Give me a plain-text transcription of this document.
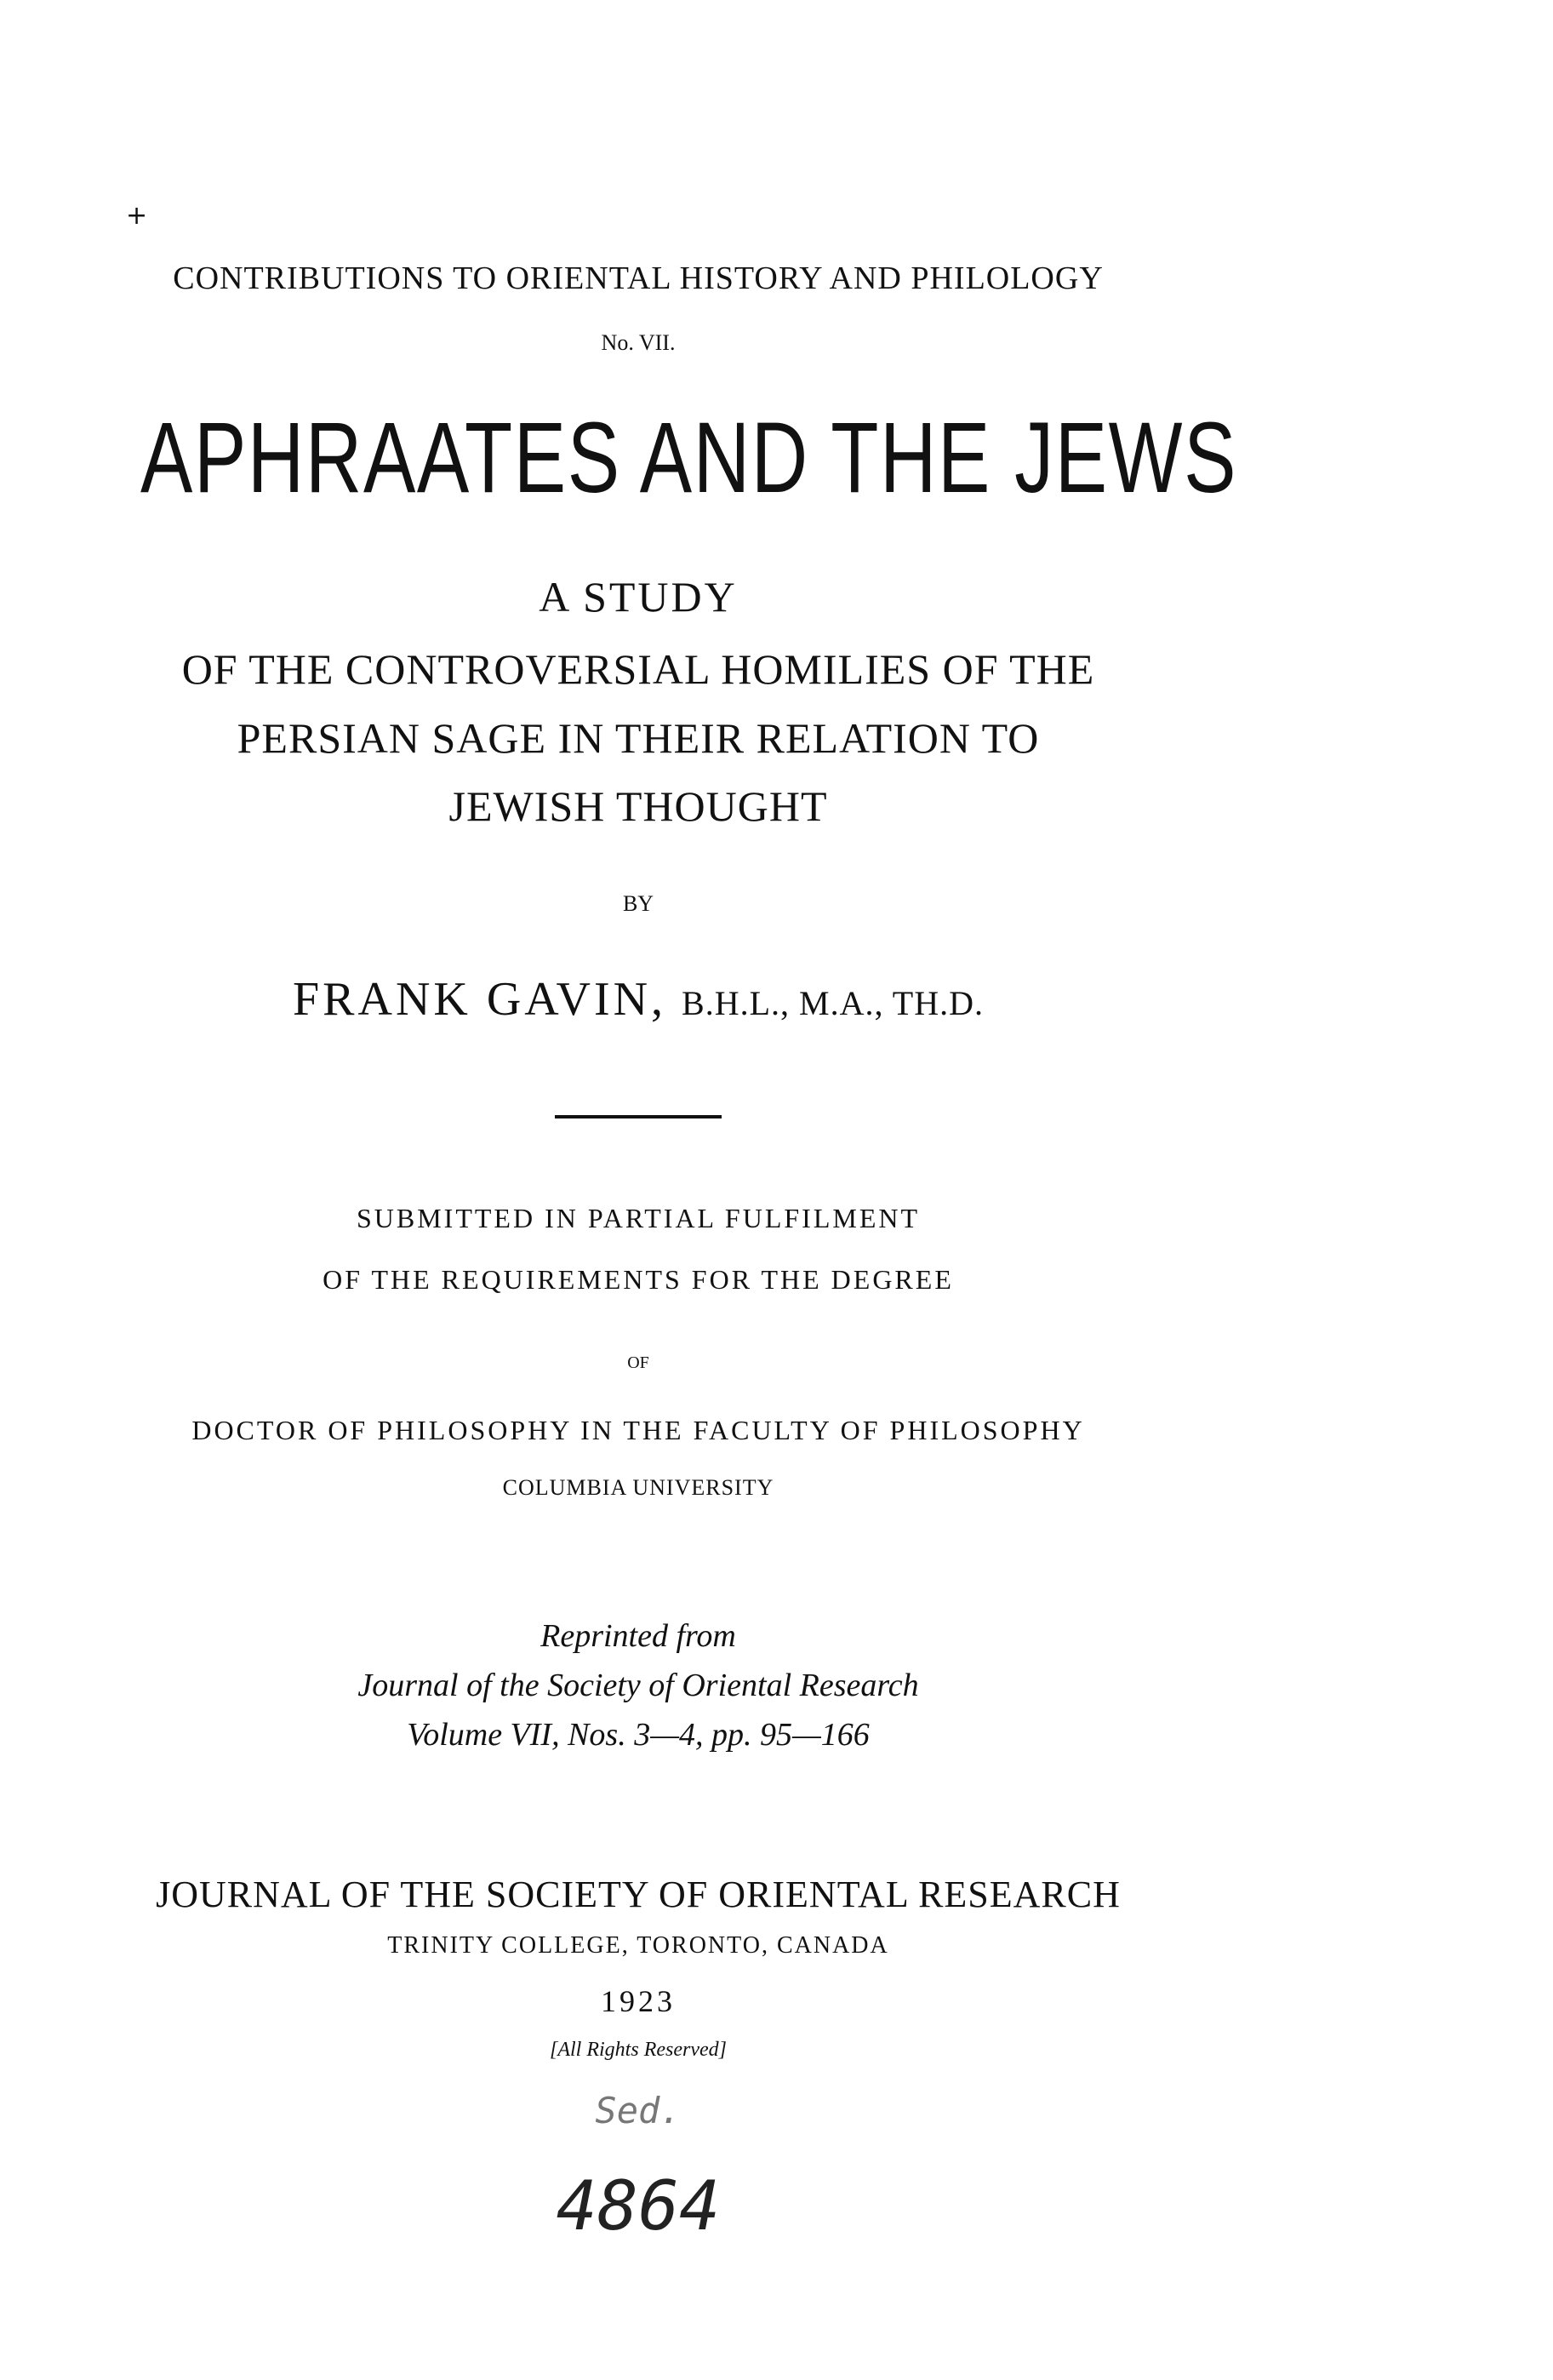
+
CONTRIBUTIONS TO ORIENTAL HISTORY AND PHILOLOGY
No. VII.
APHRAATES AND THE JEWS
A STUDY
OF THE CONTROVERSIAL HOMILIES OF THE
PERSIAN SAGE IN THEIR RELATION TO
JEWISH THOUGHT
BY
FRANK GAVIN, B.H.L., M.A., TH.D.
SUBMITTED IN PARTIAL FULFILMENT
OF THE REQUIREMENTS FOR THE DEGREE
OF
DOCTOR OF PHILOSOPHY IN THE FACULTY OF PHILOSOPHY
COLUMBIA UNIVERSITY
Reprinted from
Journal of the Society of Oriental Research
Volume VII, Nos. 3—4, pp. 95—166
JOURNAL OF THE SOCIETY OF ORIENTAL RESEARCH
TRINITY COLLEGE, TORONTO, CANADA
1923
[All Rights Reserved]
Sed.
4864
